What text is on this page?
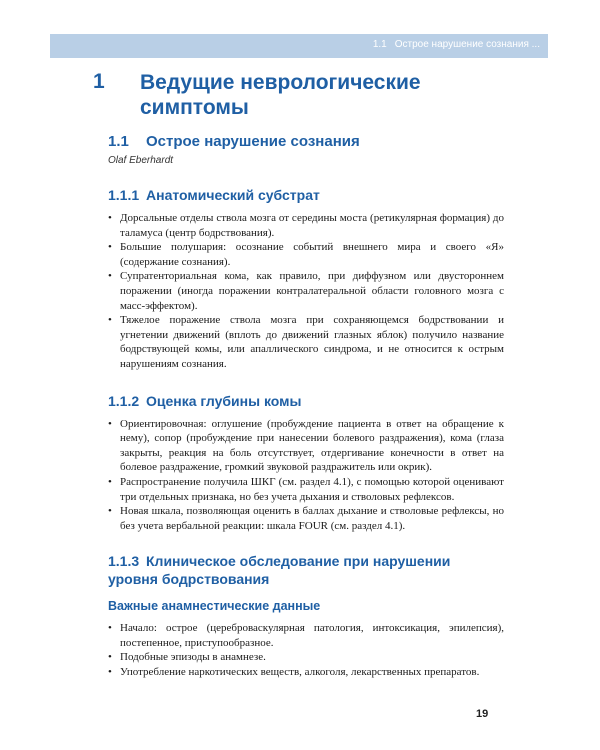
1.1 Острое нарушение сознания ...
1 Ведущие неврологические симптомы
1.1 Острое нарушение сознания
Olaf Eberhardt
1.1.1 Анатомический субстрат
• Дорсальные отделы ствола мозга от середины моста (ретикулярная формация) до таламуса (центр бодрствования).
• Большие полушария: осознание событий внешнего мира и своего «Я» (содержание сознания).
• Супратенториальная кома, как правило, при диффузном или двустороннем поражении (иногда поражении контралатеральной области головного мозга с масс-эффектом).
• Тяжелое поражение ствола мозга при сохраняющемся бодрствовании и угнетении движений (вплоть до движений глазных яблок) получило название бодрствующей комы, или апаллического синдрома, и не относится к острым нарушениям сознания.
1.1.2 Оценка глубины комы
• Ориентировочная: оглушение (пробуждение пациента в ответ на обращение к нему), сопор (пробуждение при нанесении болевого раздражения), кома (глаза закрыты, реакция на боль отсутствует, отдергивание конечности в ответ на болевое раздражение, громкий звуковой раздражитель или окрик).
• Распространение получила ШКГ (см. раздел 4.1), с помощью которой оценивают три отдельных признака, но без учета дыхания и стволовых рефлексов.
• Новая шкала, позволяющая оценить в баллах дыхание и стволовые рефлексы, но без учета вербальной реакции: шкала FOUR (см. раздел 4.1).
1.1.3 Клиническое обследование при нарушении
уровня бодрствования
Важные анамнестические данные
• Начало: острое (цереброваскулярная патология, интоксикация, эпилепсия), постепенное, приступообразное.
• Подобные эпизоды в анамнезе.
• Употребление наркотических веществ, алкоголя, лекарственных препаратов.
19
